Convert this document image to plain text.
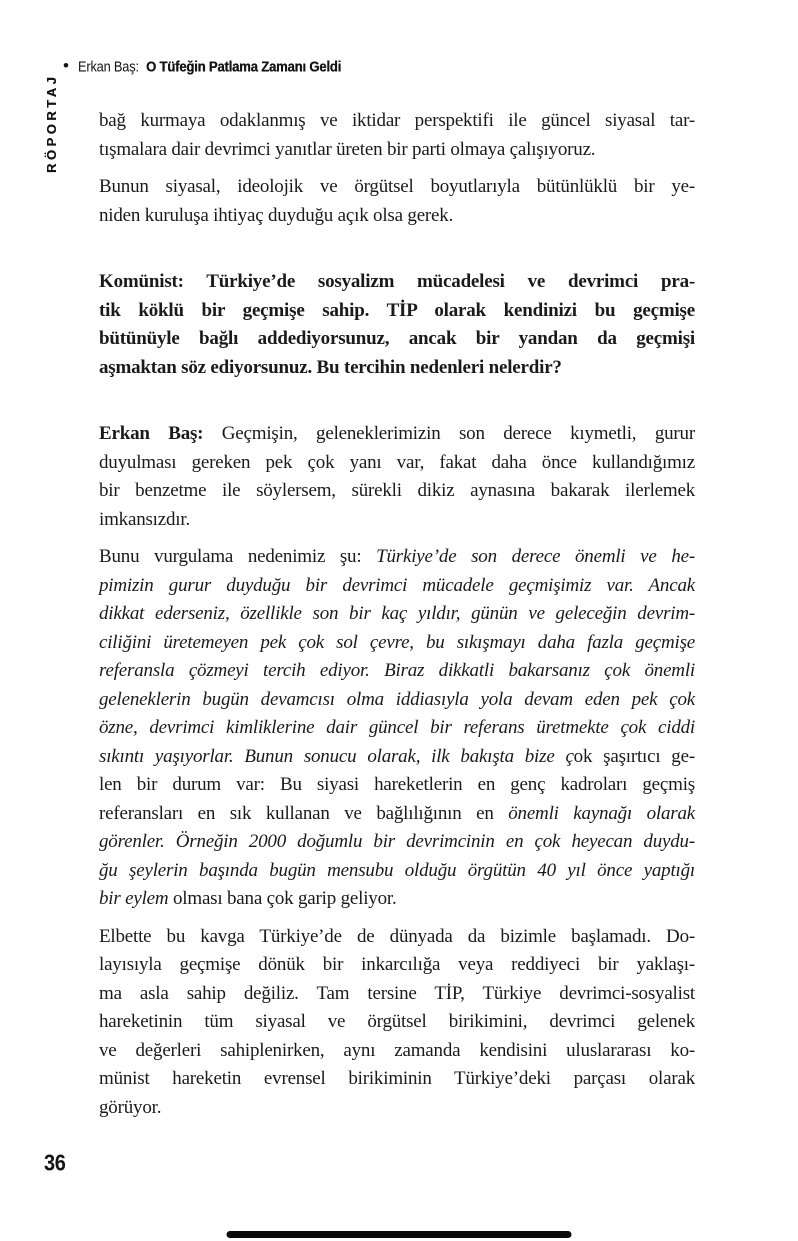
• Erkan Baş: O Tüfeğin Patlama Zamanı Geldi
RÖPORTAJ bağ kurmaya odaklanmış ve iktidar perspektifi ile güncel siyasal tar-
tışmalara dair devrimci yanıtlar üreten bir parti olmaya çalışıyoruz.
Bunun siyasal, ideolojik ve örgütsel boyutlarıyla bütünlüklü bir ye-
niden kuruluşa ihtiyaç duyduğu açık olsa gerek.
Komünist: Türkiye’de sosyalizm mücadelesi ve devrimci pra-
tik köklü bir geçmişe sahip. TİP olarak kendinizi bu geçmişe
bütünüyle bağlı addediyorsunuz, ancak bir yandan da geçmişi
aşmaktan söz ediyorsunuz. Bu tercihin nedenleri nelerdir?
Erkan Baş: Geçmişin, geleneklerimizin son derece kıymetli, gurur
duyulması gereken pek çok yanı var, fakat daha önce kullandığımız
bir benzetme ile söylersem, sürekli dikiz aynasına bakarak ilerlemek
imkansızdır.
Bunu vurgulama nedenimiz şu: Türkiye’de son derece önemli ve he-
pimizin gurur duyduğu bir devrimci mücadele geçmişimiz var. Ancak
dikkat ederseniz, özellikle son bir kaç yıldır, günün ve geleceğin devrim-
ciliğini üretemeyen pek çok sol çevre, bu sıkışmayı daha fazla geçmişe
referansla çözmeyi tercih ediyor. Biraz dikkatli bakarsanız çok önemli
geleneklerin bugün devamcısı olma iddiasıyla yola devam eden pek çok
özne, devrimci kimliklerine dair güncel bir referans üretmekte çok ciddi
sıkıntı yaşıyorlar. Bunun sonucu olarak, ilk bakışta bize çok şaşırtıcı ge-
len bir durum var: Bu siyasi hareketlerin en genç kadroları geçmiş
referansları en sık kullanan ve bağlılığının en önemli kaynağı olarak
görenler. Örneğin 2000 doğumlu bir devrimcinin en çok heyecan duydu-
ğu şeylerin başında bugün mensubu olduğu örgütün 40 yıl önce yaptığı
bir eylem olması bana çok garip geliyor.
Elbette bu kavga Türkiye’de de dünyada da bizimle başlamadı. Do-
layısıyla geçmişe dönük bir inkarcılığa veya reddiyeci bir yaklaşı-
ma asla sahip değiliz. Tam tersine TİP, Türkiye devrimci-sosyalist
hareketinin tüm siyasal ve örgütsel birikimini, devrimci gelenek
ve değerleri sahiplenirken, aynı zamanda kendisini uluslararası ko-
münist hareketin evrensel birikiminin Türkiye’deki parçası olarak
görüyor.
36
